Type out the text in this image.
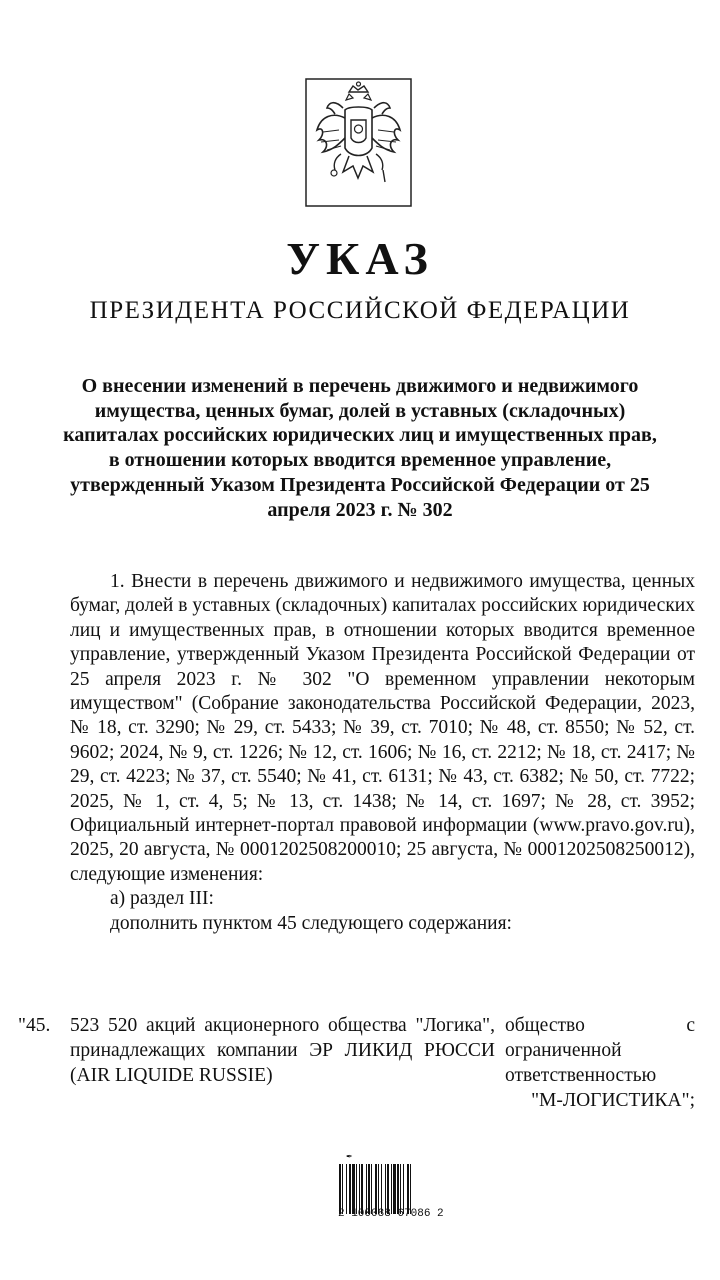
УКАЗ
ПРЕЗИДЕНТА РОССИЙСКОЙ ФЕДЕРАЦИИ
О внесении изменений в перечень движимого и недвижимого имущества, ценных бумаг, долей в уставных (складочных) капиталах российских юридических лиц и имущественных прав, в отношении которых вводится временное управление, утвержденный Указом Президента Российской Федерации от 25 апреля 2023 г. № 302

1. Внести в перечень движимого и недвижимого имущества, ценных бумаг, долей в уставных (складочных) капиталах российских юридических лиц и имущественных прав, в отношении которых вводится временное управление, утвержденный Указом Президента Российской Федерации от 25 апреля 2023 г. № 302 "О временном управлении некоторым имуществом" (Собрание законодательства Российской Федерации, 2023, № 18, ст. 3290; № 29, ст. 5433; № 39, ст. 7010; № 48, ст. 8550; № 52, ст. 9602; 2024, № 9, ст. 1226; № 12, ст. 1606; № 16, ст. 2212; № 18, ст. 2417; № 29, ст. 4223; № 37, ст. 5540; № 41, ст. 6131; № 43, ст. 6382; № 50, ст. 7722; 2025, № 1, ст. 4, 5; № 13, ст. 1438; № 14, ст. 1697; № 28, ст. 3952; Официальный интернет-портал правовой информации (www.pravo.gov.ru), 2025, 20 августа, № 0001202508200010; 25 августа, № 0001202508250012), следующие изменения:

а) раздел III:

дополнить пунктом 45 следующего содержания:

"45.	523 520 акций акционерного общества "Логика", принадлежащих компании ЭР ЛИКИД РЮССИ (AIR LIQUIDE RUSSIE)
общество с ограниченной ответственностью
"М-ЛОГИСТИКА";
✒
2 100088 67086 2
